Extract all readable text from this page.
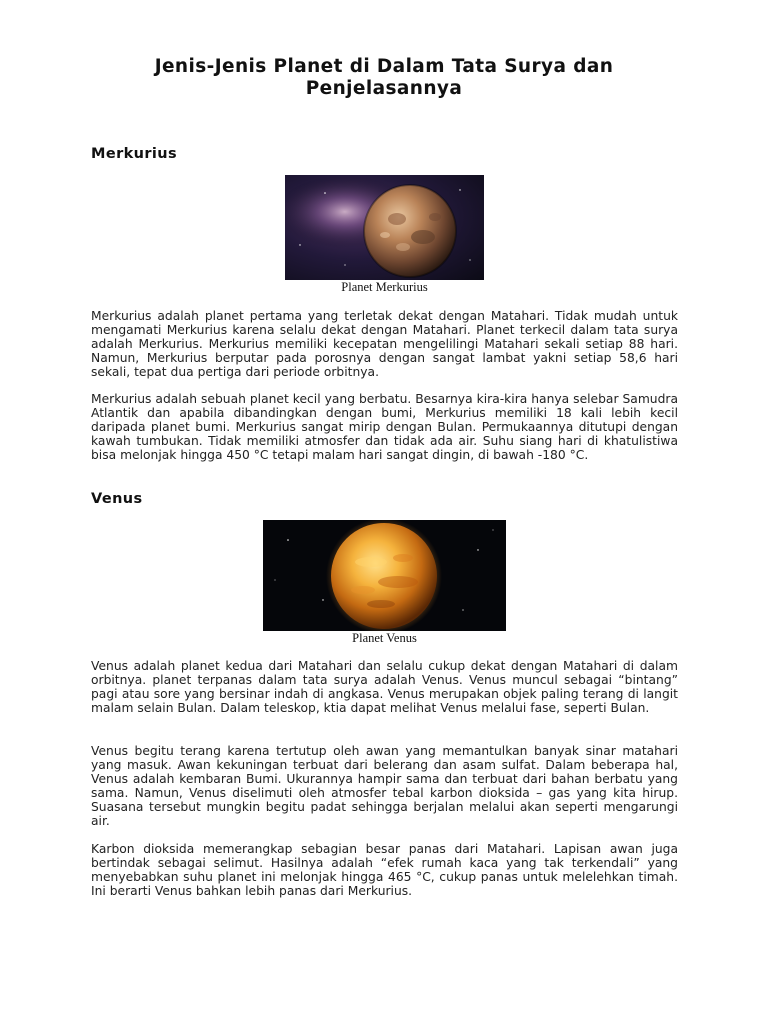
Jenis-Jenis Planet di Dalam Tata Surya dan Penjelasannya
Merkurius
Planet Merkurius

Merkurius adalah planet pertama yang terletak dekat dengan Matahari. Tidak mudah untuk mengamati Merkurius karena selalu dekat dengan Matahari. Planet terkecil dalam tata surya adalah Merkurius. Merkurius memiliki kecepatan mengelilingi Matahari sekali setiap 88 hari. Namun, Merkurius berputar pada porosnya dengan sangat lambat yakni setiap 58,6 hari sekali, tepat dua pertiga dari periode orbitnya.

Merkurius adalah sebuah planet kecil yang berbatu. Besarnya kira-kira hanya selebar Samudra Atlantik dan apabila dibandingkan dengan bumi, Merkurius memiliki 18 kali lebih kecil daripada planet bumi. Merkurius sangat mirip dengan Bulan. Permukaannya ditutupi dengan kawah tumbukan. Tidak memiliki atmosfer dan tidak ada air. Suhu siang hari di khatulistiwa bisa melonjak hingga 450 °C tetapi malam hari sangat dingin, di bawah -180 °C.

Venus
Planet Venus

Venus adalah planet kedua dari Matahari dan selalu cukup dekat dengan Matahari di dalam orbitnya. planet terpanas dalam tata surya adalah Venus. Venus muncul sebagai “bintang” pagi atau sore yang bersinar indah di angkasa. Venus merupakan objek paling terang di langit malam selain Bulan. Dalam teleskop, ktia dapat melihat Venus melalui fase, seperti Bulan.

Venus begitu terang karena tertutup oleh awan yang memantulkan banyak sinar matahari yang masuk. Awan kekuningan terbuat dari belerang dan asam sulfat. Dalam beberapa hal, Venus adalah kembaran Bumi. Ukurannya hampir sama dan terbuat dari bahan berbatu yang sama. Namun, Venus diselimuti oleh atmosfer tebal karbon dioksida – gas yang kita hirup. Suasana tersebut mungkin begitu padat sehingga berjalan melalui akan seperti mengarungi air.

Karbon dioksida memerangkap sebagian besar panas dari Matahari. Lapisan awan juga bertindak sebagai selimut. Hasilnya adalah “efek rumah kaca yang tak terkendali” yang menyebabkan suhu planet ini melonjak hingga 465 °C, cukup panas untuk melelehkan timah. Ini berarti Venus bahkan lebih panas dari Merkurius.
